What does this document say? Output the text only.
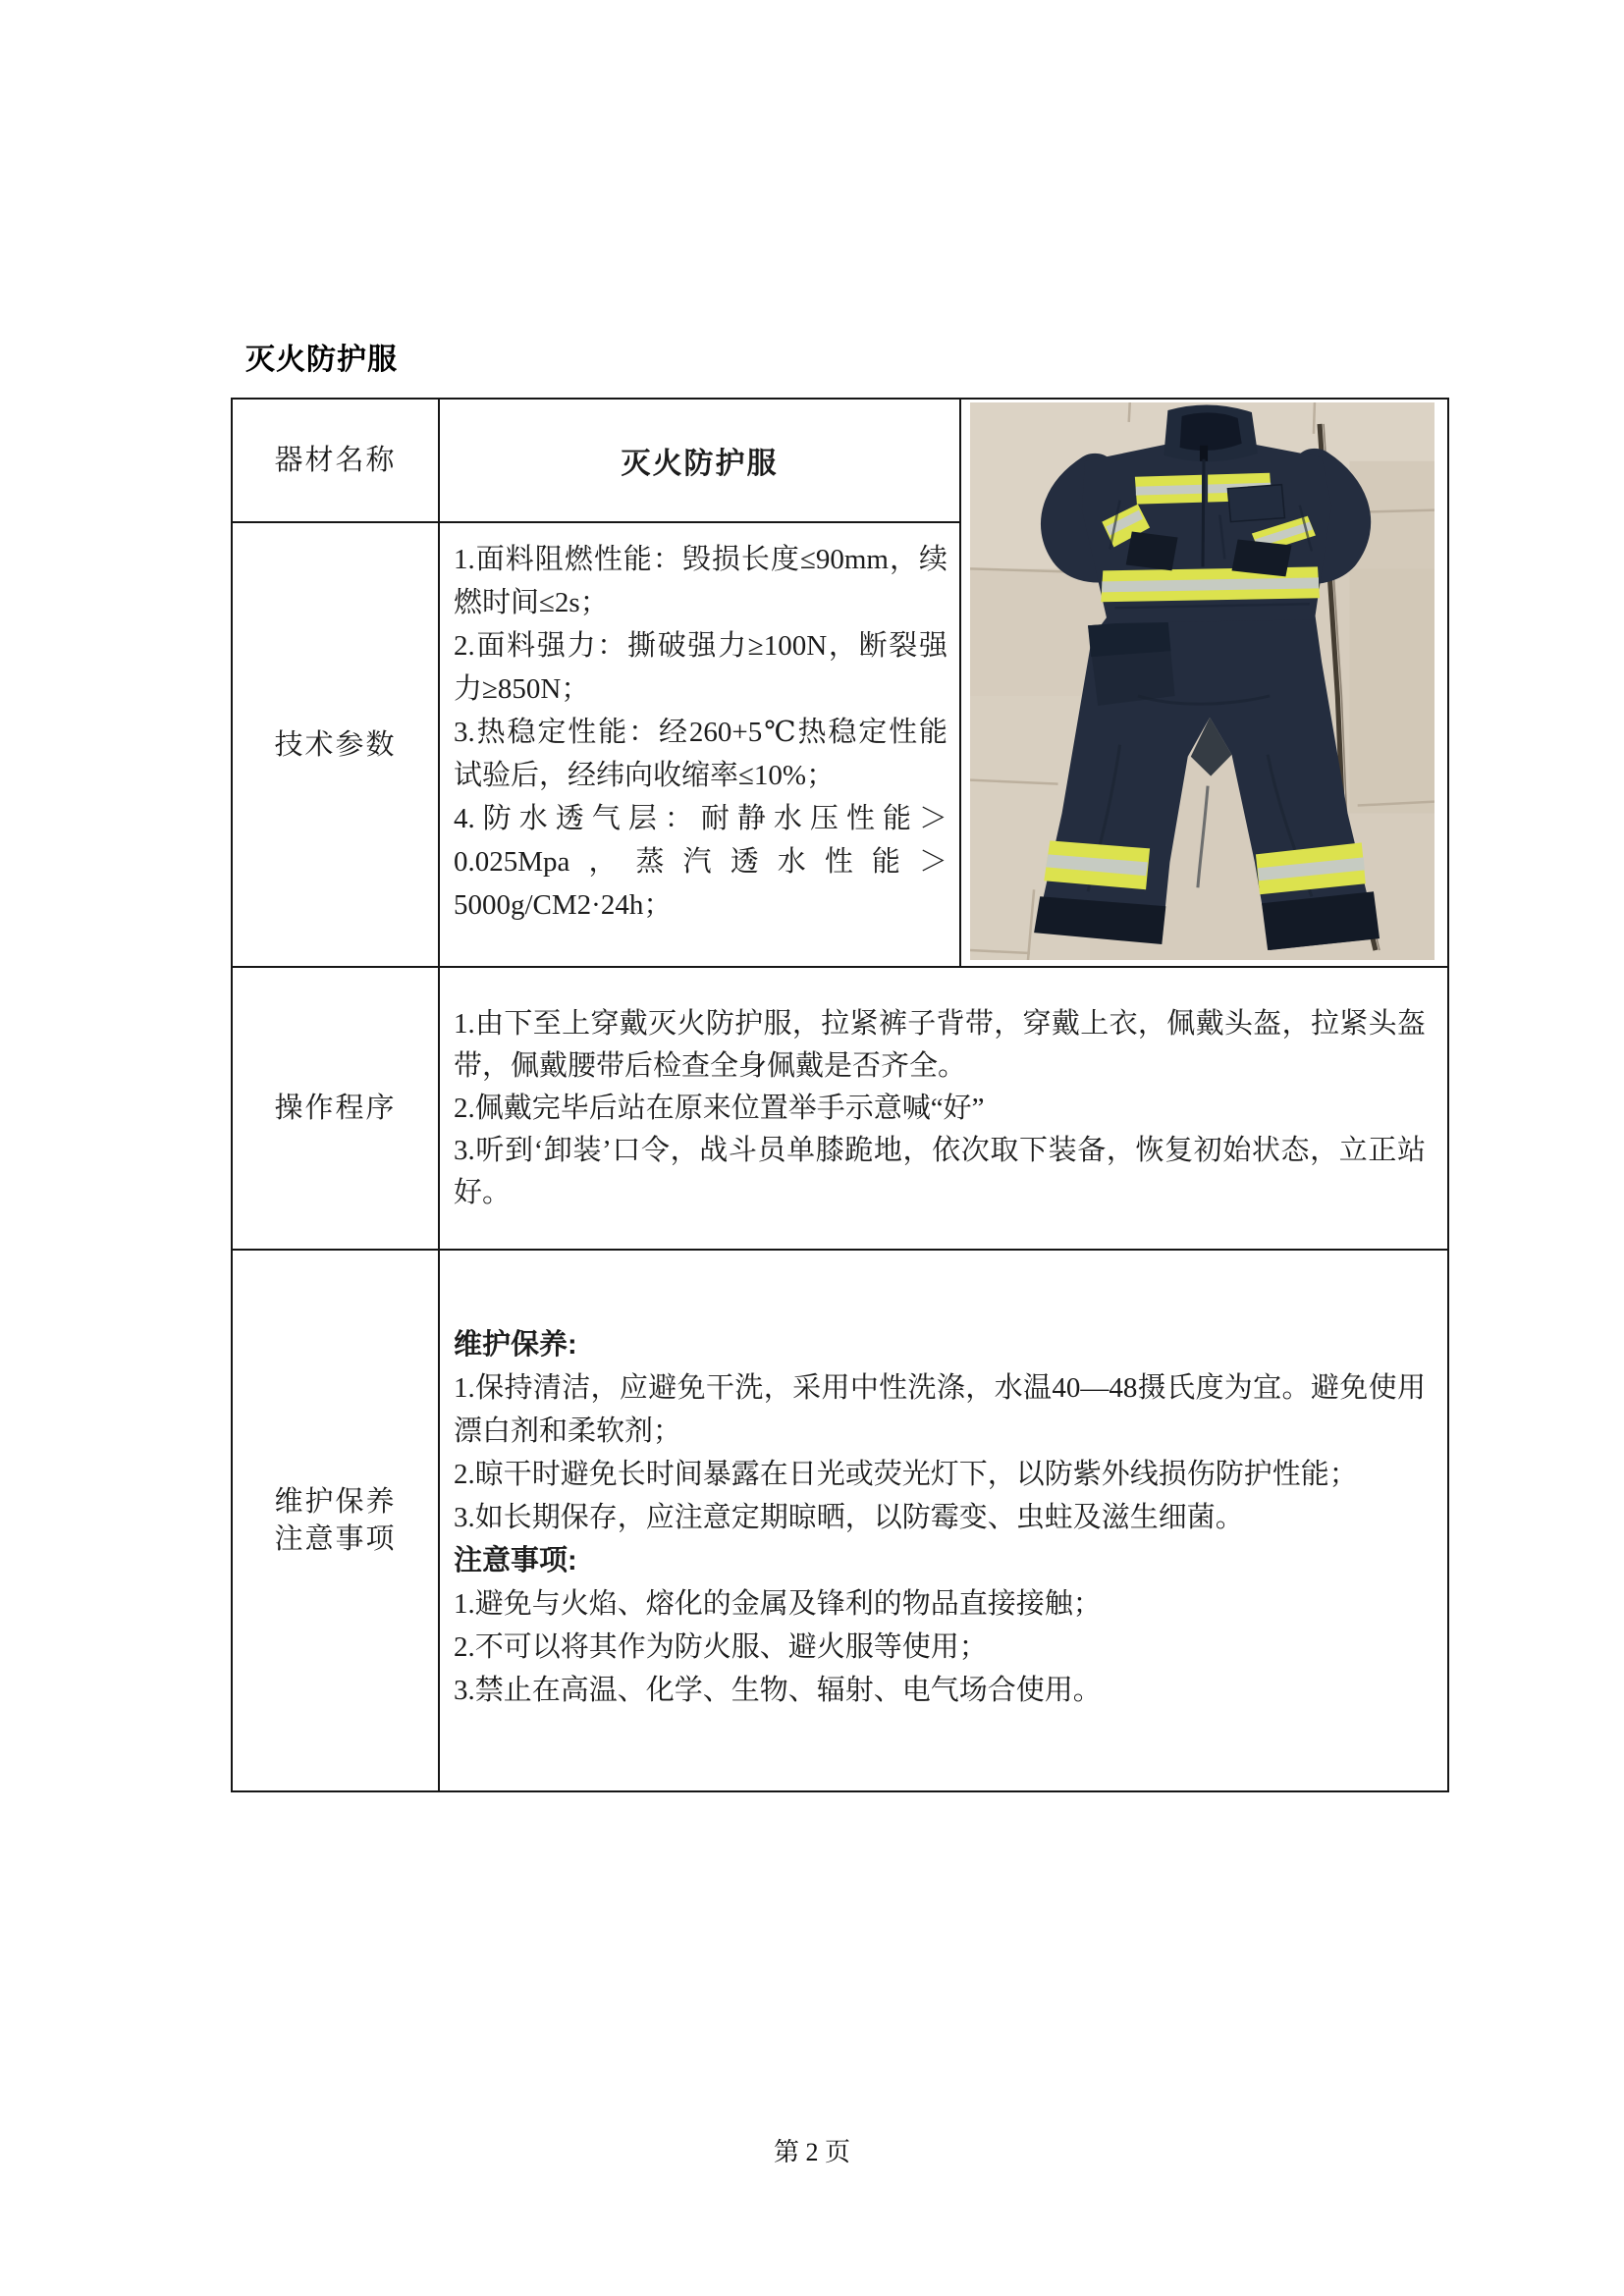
灭火防护服
器材名称	灭火防护服
技术参数

1.面料阻燃性能：毁损长度≤90mm，续燃时间≤2s；

2.面料强力：撕破强力≥100N，断裂强力≥850N；

3.热稳定性能：经260+5℃热稳定性能试验后，经纬向收缩率≤10%；

4.防水透气层：耐静水压性能＞0.025Mpa，蒸汽透水性能＞5000g/CM2·24h；

操作程序

1.由下至上穿戴灭火防护服，拉紧裤子背带，穿戴上衣，佩戴头盔，拉紧头盔带，佩戴腰带后检查全身佩戴是否齐全。

2.佩戴完毕后站在原来位置举手示意喊“好”

3.听到‘卸装’口令，战斗员单膝跪地，依次取下装备，恢复初始状态，立正站好。

维护保养
注意事项

维护保养:

1.保持清洁，应避免干洗，采用中性洗涤，水温40—48摄氏度为宜。避免使用漂白剂和柔软剂；

2.晾干时避免长时间暴露在日光或荧光灯下，以防紫外线损伤防护性能；

3.如长期保存，应注意定期晾晒，以防霉变、虫蛀及滋生细菌。

注意事项:

1.避免与火焰、熔化的金属及锋利的物品直接接触；

2.不可以将其作为防火服、避火服等使用；

3.禁止在高温、化学、生物、辐射、电气场合使用。

第 2 页
